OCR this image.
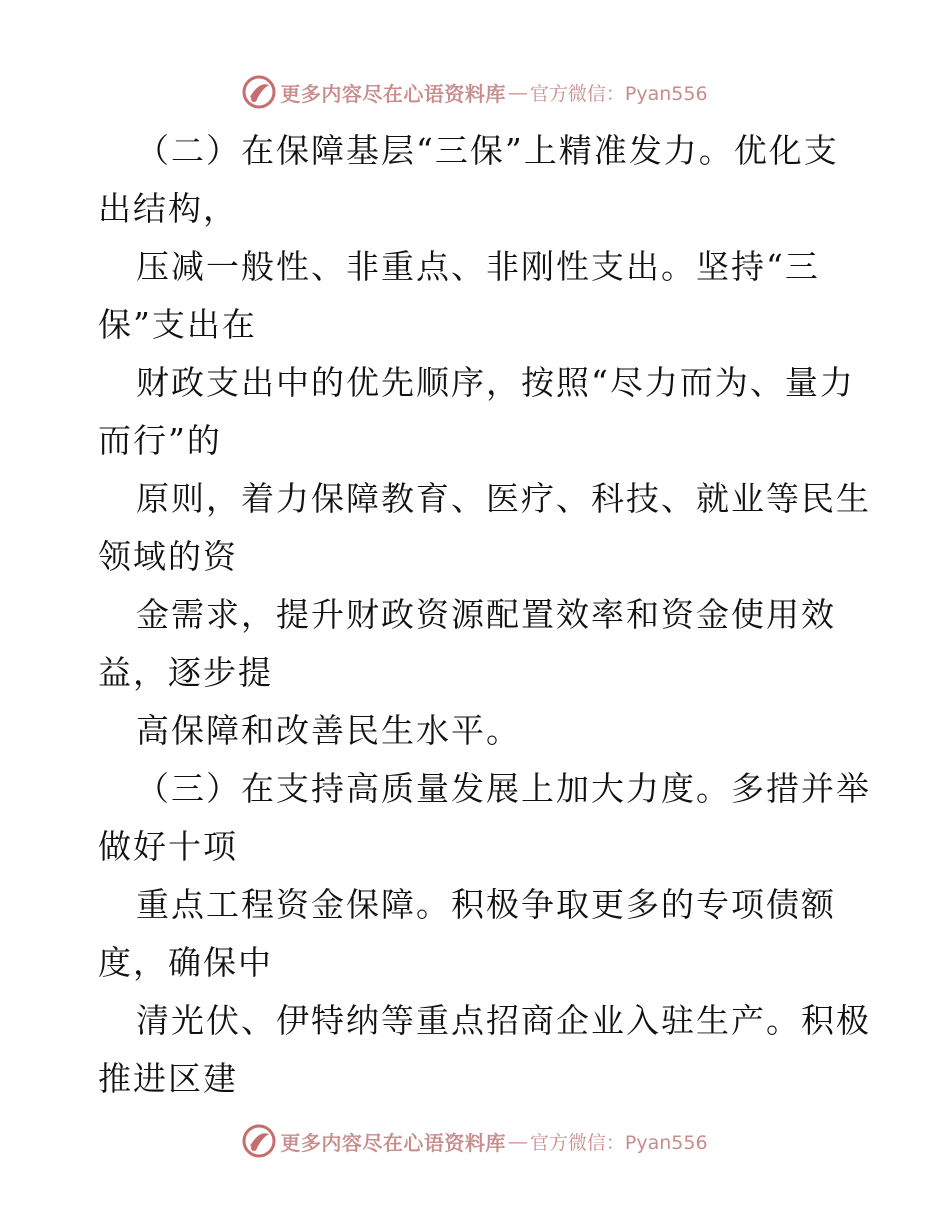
更多内容尽在心语资料库 — 官方微信：Pyan556
（二）在保障基层“三保”上精准发力。优化支
出结构，
压减一般性、非重点、非刚性支出。坚持“三
保”支出在
财政支出中的优先顺序，按照“尽力而为、量力
而行”的
原则，着力保障教育、医疗、科技、就业等民生
领域的资
金需求，提升财政资源配置效率和资金使用效
益，逐步提
高保障和改善民生水平。
（三）在支持高质量发展上加大力度。多措并举
做好十项
重点工程资金保障。积极争取更多的专项债额
度，确保中
清光伏、伊特纳等重点招商企业入驻生产。积极
推进区建
更多内容尽在心语资料库 — 官方微信：Pyan556
